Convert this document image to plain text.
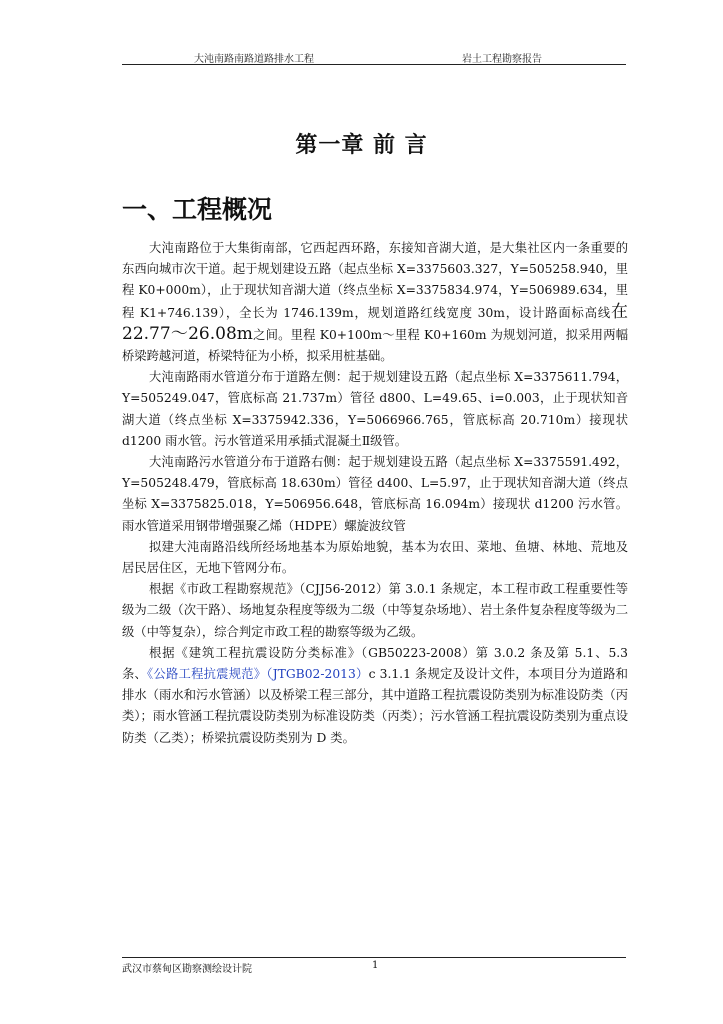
大沌南路南路道路排水工程	岩土工程勘察报告
第一章 前 言
一、工程概况

大沌南路位于大集街南部，它西起西环路，东接知音湖大道，是大集社区内一条重要的东西向城市次干道。起于规划建设五路（起点坐标 X=3375603.327，Y=505258.940，里程 K0+000m），止于现状知音湖大道（终点坐标 X=3375834.974，Y=506989.634，里程 K1+746.139），全长为 1746.139m，规划道路红线宽度 30m，设计路面标高线在 22.77～26.08m之间。里程 K0+100m～里程 K0+160m 为规划河道，拟采用两幅桥梁跨越河道，桥梁特征为小桥，拟采用桩基础。

大沌南路雨水管道分布于道路左侧：起于规划建设五路（起点坐标 X=3375611.794，Y=505249.047，管底标高 21.737m）管径 d800、L=49.65、i=0.003，止于现状知音湖大道（终点坐标 X=3375942.336，Y=5066966.765，管底标高 20.710m）接现状 d1200 雨水管。污水管道采用承插式混凝土Ⅱ级管。

大沌南路污水管道分布于道路右侧：起于规划建设五路（起点坐标 X=3375591.492，Y=505248.479，管底标高 18.630m）管径 d400、L=5.97，止于现状知音湖大道（终点坐标 X=3375825.018，Y=506956.648，管底标高 16.094m）接现状 d1200 污水管。雨水管道采用钢带增强聚乙烯（HDPE）螺旋波纹管

拟建大沌南路沿线所经场地基本为原始地貌，基本为农田、菜地、鱼塘、林地、荒地及居民居住区，无地下管网分布。

根据《市政工程勘察规范》（CJJ56-2012）第 3.0.1 条规定，本工程市政工程重要性等级为二级（次干路）、场地复杂程度等级为二级（中等复杂场地）、岩土条件复杂程度等级为二级（中等复杂），综合判定市政工程的勘察等级为乙级。

根据《建筑工程抗震设防分类标准》（GB50223-2008）第 3.0.2 条及第 5.1、5.3 条、《公路工程抗震规范》（JTGB02-2013）c 3.1.1 条规定及设计文件，本项目分为道路和排水（雨水和污水管涵）以及桥梁工程三部分，其中道路工程抗震设防类别为标准设防类（丙类）；雨水管涵工程抗震设防类别为标准设防类（丙类）；污水管涵工程抗震设防类别为重点设防类（乙类）；桥梁抗震设防类别为 D 类。

武汉市蔡甸区勘察测绘设计院	1
